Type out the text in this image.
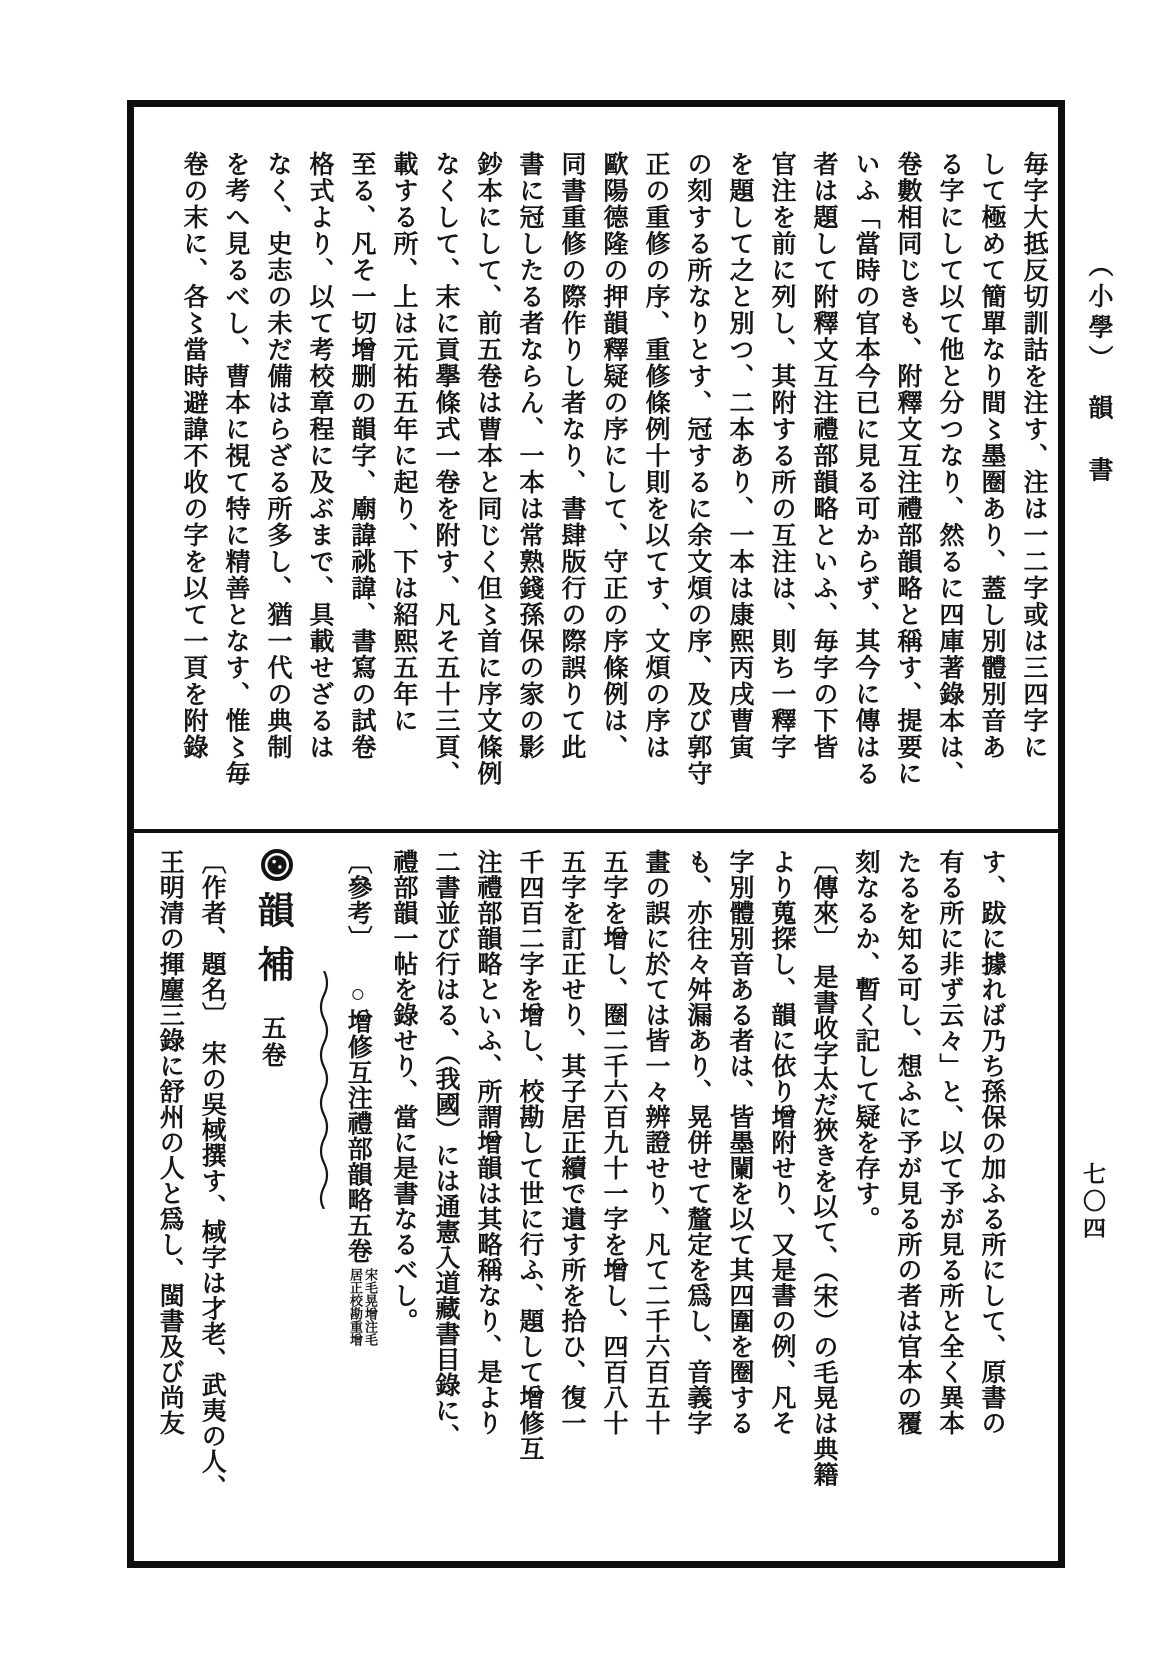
（小學）　韻　書
七〇四

毎字大抵反切訓詁を注す、注は一二字或は三四字に

して極めて簡單なり間〻墨圈あり、蓋し別體別音あ

る字にして以て他と分つなり、然るに四庫著錄本は、

卷數相同じきも、附釋文互注禮部韻略と稱す、提要に

いふ「當時の官本今已に見る可からず、其今に傳はる

者は題して附釋文互注禮部韻略といふ、毎字の下皆

官注を前に列し、其附する所の互注は、則ち一釋字

を題して之と別つ、二本あり、一本は康熙丙戌曹寅

の刻する所なりとす、冠するに余文煩の序、及び郭守

正の重修の序、重修條例十則を以てす、文煩の序は

歐陽德隆の押韻釋疑の序にして、守正の序條例は、

同書重修の際作りし者なり、書肆版行の際誤りて此

書に冠したる者ならん、一本は常熟錢孫保の家の影

鈔本にして、前五卷は曹本と同じく但〻首に序文條例

なくして、末に貢擧條式一卷を附す、凡そ五十三頁、

載する所、上は元祐五年に起り、下は紹熙五年に

至る、凡そ一切增删の韻字、廟諱祧諱、書寫の試卷

格式より、以て考校章程に及ぶまで、具載せざるは

なく、史志の未だ備はらざる所多し、猶一代の典制

を考へ見るべし、曹本に視て特に精善となす、惟〻毎

卷の末に、各〻當時避諱不收の字を以て一頁を附錄

す、跋に據れば乃ち孫保の加ふる所にして、原書の

有る所に非ず云々」と、以て予が見る所と全く異本

たるを知る可し、想ふに予が見る所の者は官本の覆

刻なるか、暫く記して疑を存す。

〔傳來〕　是書收字太だ狹きを以て、（宋）の毛晃は典籍

より蒐探し、韻に依り增附せり、又是書の例、凡そ

字別體別音ある者は、皆墨闌を以て其四圍を圈する

も、亦往々舛漏あり、晃併せて釐定を爲し、音義字

畫の誤に於ては皆一々辨證せり、凡て二千六百五十

五字を增し、圈二千六百九十一字を增し、四百八十

五字を訂正せり、其子居正續で遺す所を拾ひ、復一

千四百二字を增し、校勘して世に行ふ、題して增修互

注禮部韻略といふ、所謂增韻は其略稱なり、是より

二書並び行はる、（我國）には通憲入道藏書目錄に、

禮部韻一帖を錄せり、當に是書なるべし。

〔參考〕○增修互注禮部韻略五卷宋毛晃增注毛居正校勘重增

韻補五卷

〔作者、題名〕　宋の吳棫撰す、棫字は才老、武夷の人、

王明清の揮麈三錄に舒州の人と爲し、閩書及び尚友
